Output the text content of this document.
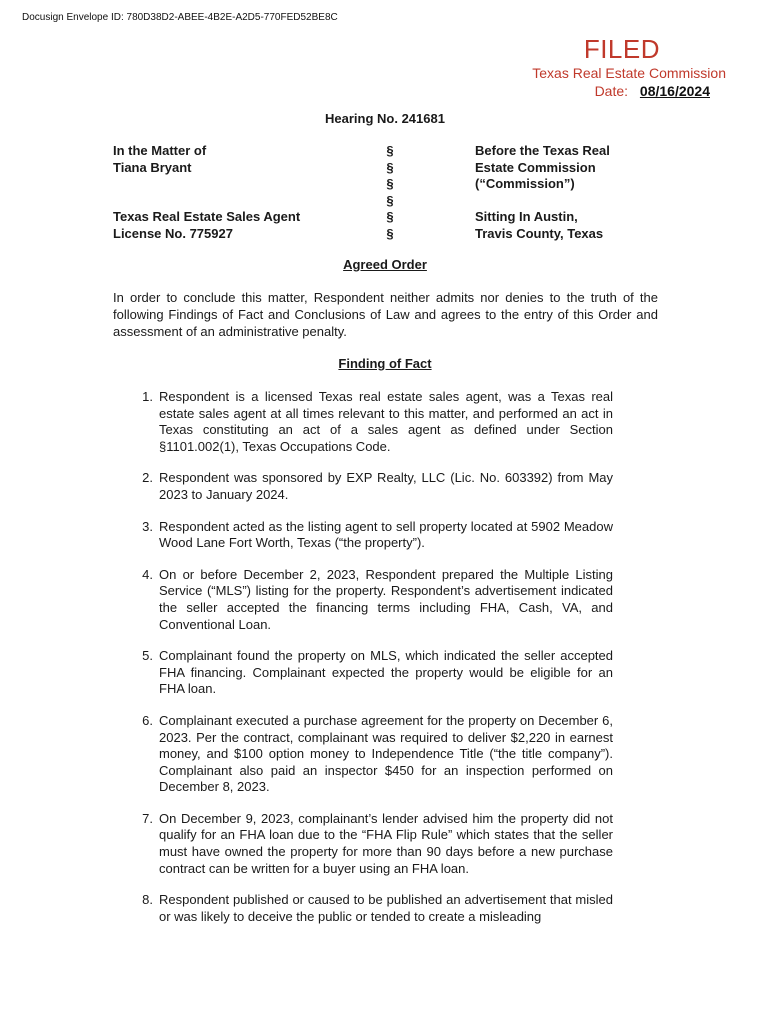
Docusign Envelope ID: 780D38D2-ABEE-4B2E-A2D5-770FED52BE8C
FILED
Texas Real Estate Commission
Date: 08/16/2024
Hearing No. 241681
In the Matter of
Tiana Bryant

Texas Real Estate Sales Agent
License No. 775927
§
§
§
§
§
§
Before the Texas Real
Estate Commission
(“Commission”)

Sitting In Austin,
Travis County, Texas
Agreed Order
In order to conclude this matter, Respondent neither admits nor denies to the truth of the following Findings of Fact and Conclusions of Law and agrees to the entry of this Order and assessment of an administrative penalty.
Finding of Fact
1. Respondent is a licensed Texas real estate sales agent, was a Texas real estate sales agent at all times relevant to this matter, and performed an act in Texas constituting an act of a sales agent as defined under Section §1101.002(1), Texas Occupations Code.
2. Respondent was sponsored by EXP Realty, LLC (Lic. No. 603392) from May 2023 to January 2024.
3. Respondent acted as the listing agent to sell property located at 5902 Meadow Wood Lane Fort Worth, Texas (“the property”).
4. On or before December 2, 2023, Respondent prepared the Multiple Listing Service (“MLS”) listing for the property. Respondent’s advertisement indicated the seller accepted the financing terms including FHA, Cash, VA, and Conventional Loan.
5. Complainant found the property on MLS, which indicated the seller accepted FHA financing. Complainant expected the property would be eligible for an FHA loan.
6. Complainant executed a purchase agreement for the property on December 6, 2023. Per the contract, complainant was required to deliver $2,220 in earnest money, and $100 option money to Independence Title (“the title company”). Complainant also paid an inspector $450 for an inspection performed on December 8, 2023.
7. On December 9, 2023, complainant’s lender advised him the property did not qualify for an FHA loan due to the “FHA Flip Rule” which states that the seller must have owned the property for more than 90 days before a new purchase contract can be written for a buyer using an FHA loan.
8. Respondent published or caused to be published an advertisement that misled or was likely to deceive the public or tended to create a misleading
